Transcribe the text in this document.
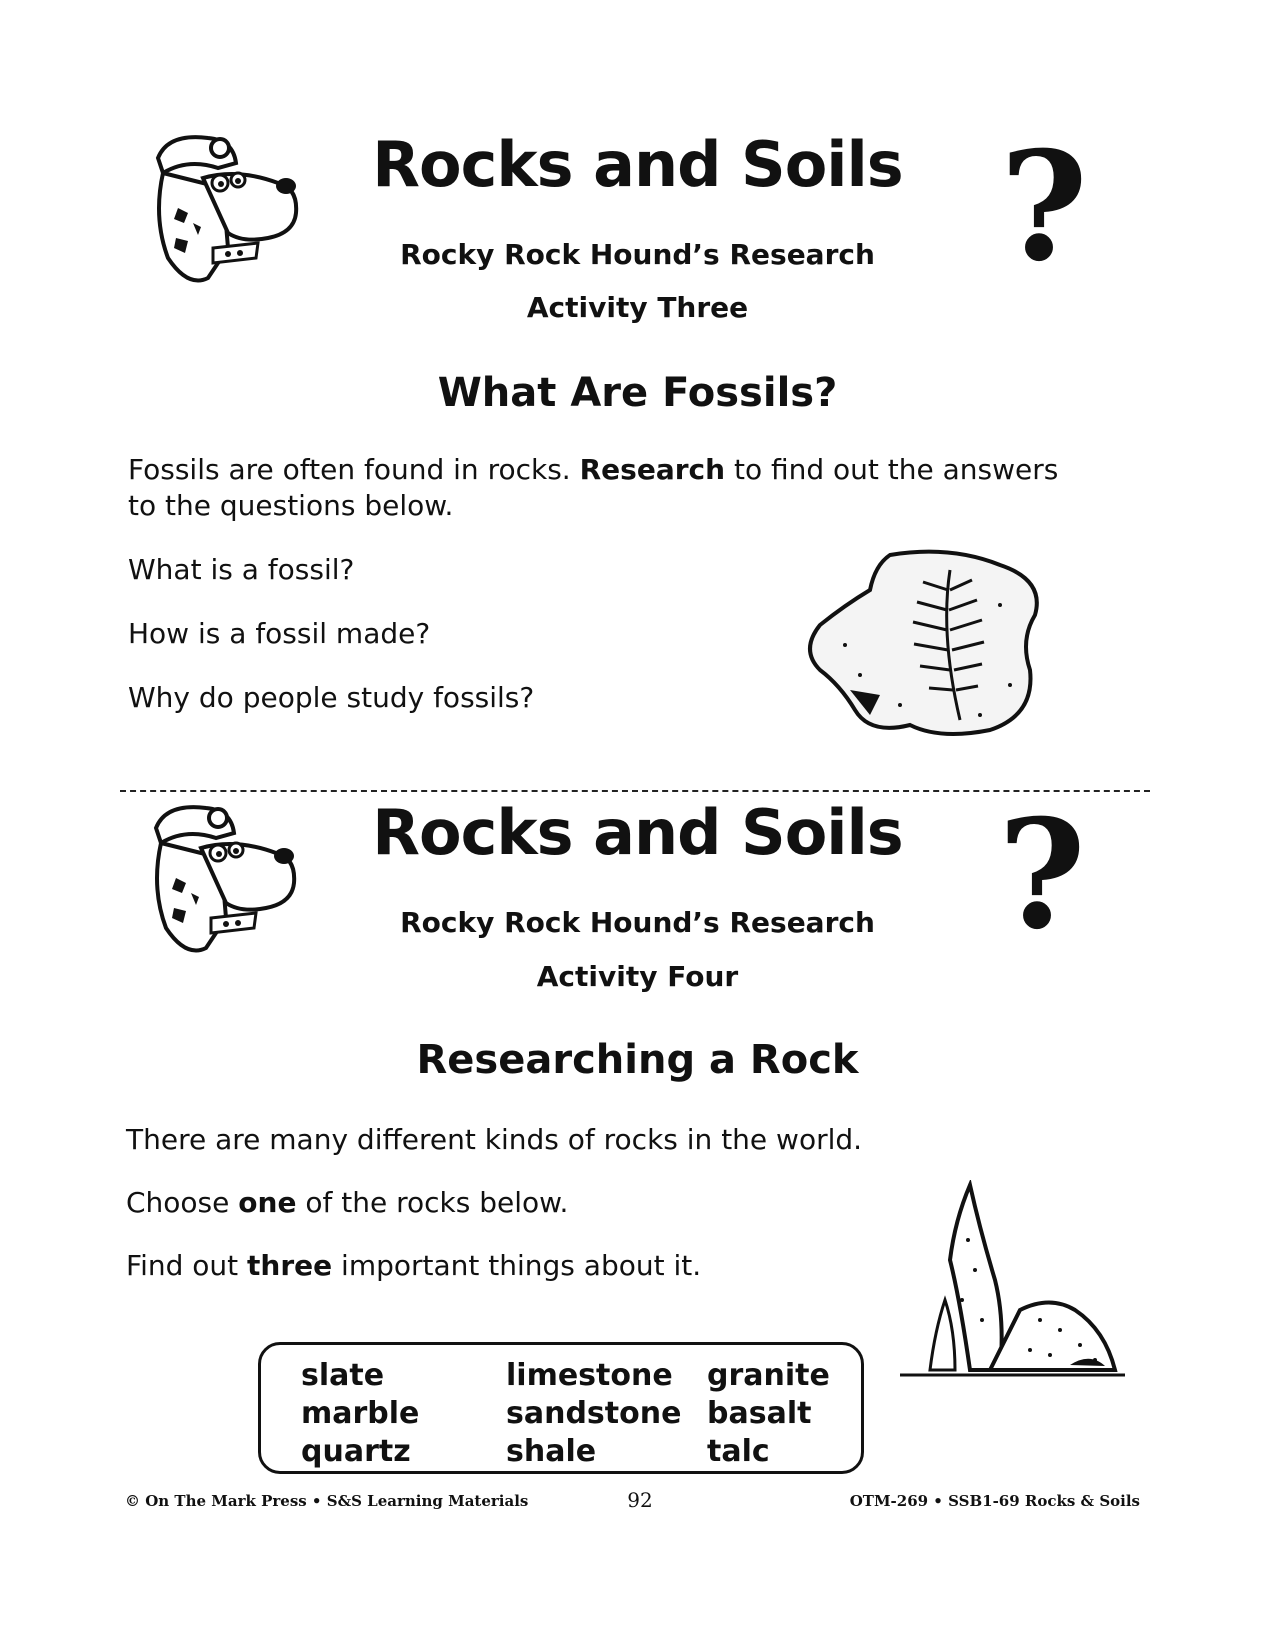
Rocks and Soils ?
Rocky Rock Hound’s Research
Activity Three
What Are Fossils?
Fossils are often found in rocks. Research to find out the answers to the questions below.
What is a fossil?
How is a fossil made?
Why do people study fossils?
Rocks and Soils ?
Rocky Rock Hound’s Research
Activity Four
Researching a Rock
There are many different kinds of rocks in the world.
Choose one of the rocks below.
Find out three important things about it.
slate
marble
quartz
limestone
sandstone
shale
granite
basalt
talc
© On The Mark Press • S&S Learning Materials	92	OTM-269 • SSB1-69 Rocks & Soils
